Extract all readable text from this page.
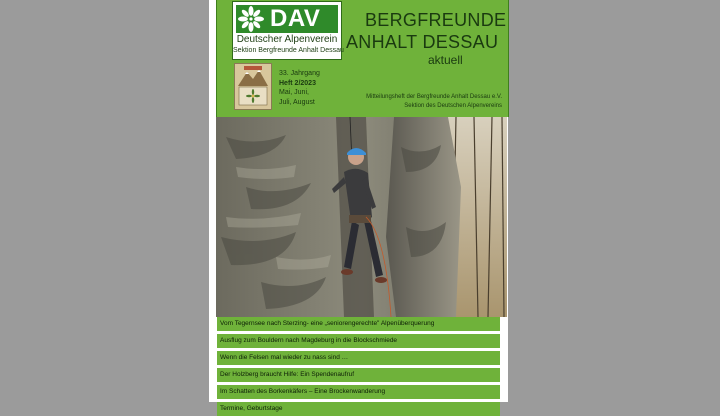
DAV
Deutscher Alpenverein
Sektion Bergfreunde Anhalt Dessau
BERGFREUNDE
ANHALT DESSAU
aktuell
33. Jahrgang
Heft 2/2023
Mai, Juni,
Juli, August
Mitteilungsheft der Bergfreunde Anhalt Dessau e.V.
Sektion des Deutschen Alpenvereins
Vom Tegernsee nach Sterzing- eine „seniorengerechte" Alpenüberquerung
Ausflug zum Bouldern nach Magdeburg in die Blockschmiede
Wenn die Felsen mal wieder zu nass sind …
Der Holzberg braucht Hilfe: Ein Spendenaufruf
Im Schatten des Borkenkäfers – Eine Brockenwanderung
Termine, Geburtstage
